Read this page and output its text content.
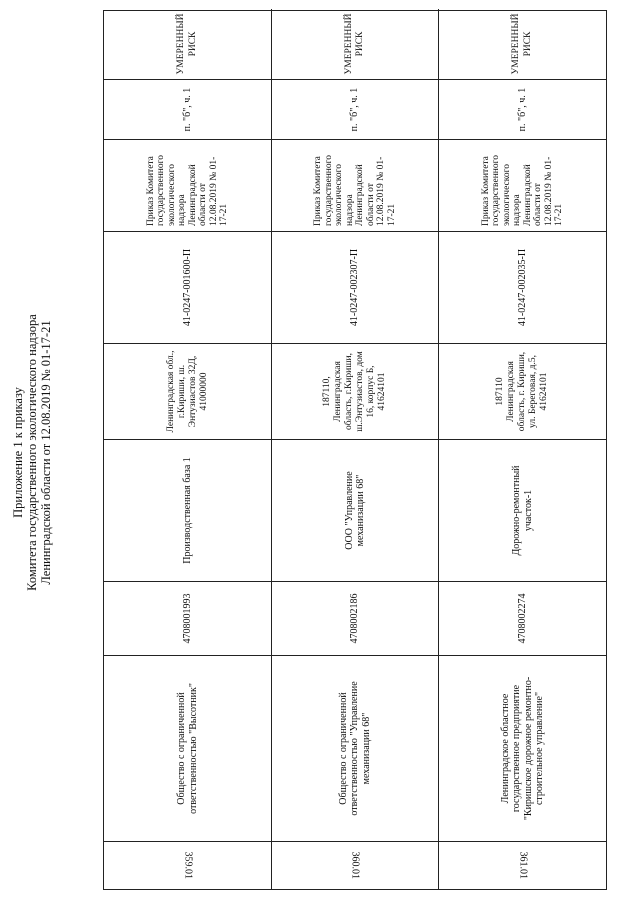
Приложение 1 к приказу Комитета государственного экологического надзора Ленинградской области от 12.08.2019 № 01-17-21
359.01
Общество с ограниченной ответственностью "Высотник"
4708001993
Производственная база 1
Ленинградская обл., г.Кириши, ш. Энтузиастов 32Д, 41000000
41-0247-001600-П
Приказ Комитета государственного экологического надзора Ленинградской области от 12.08.2019 № 01-17-21
п. "б", ч. 1
УМЕРЕННЫЙ РИСК
360.01
Общество с ограниченной ответственностью "Управление механизации 68"
4708002186
ООО "Управление механизации 68"
187110, Ленинградская область, г.Кириши, ш.Энтузиастов, дом 16, корпус Б, 41624101
41-0247-002307-П
Приказ Комитета государственного экологического надзора Ленинградской области от 12.08.2019 № 01-17-21
п. "б", ч. 1
УМЕРЕННЫЙ РИСК
361.01
Ленинградское областное государственное предприятие "Киришское дорожное ремонтно-строительное управление"
4708002274
Дорожно-ремонтный участок-1
187110 Ленинградская область, г. Кириши, ул. Береговая, д.5, 41624101
41-0247-002035-П
Приказ Комитета государственного экологического надзора Ленинградской области от 12.08.2019 № 01-17-21
п. "б", ч. 1
УМЕРЕННЫЙ РИСК
